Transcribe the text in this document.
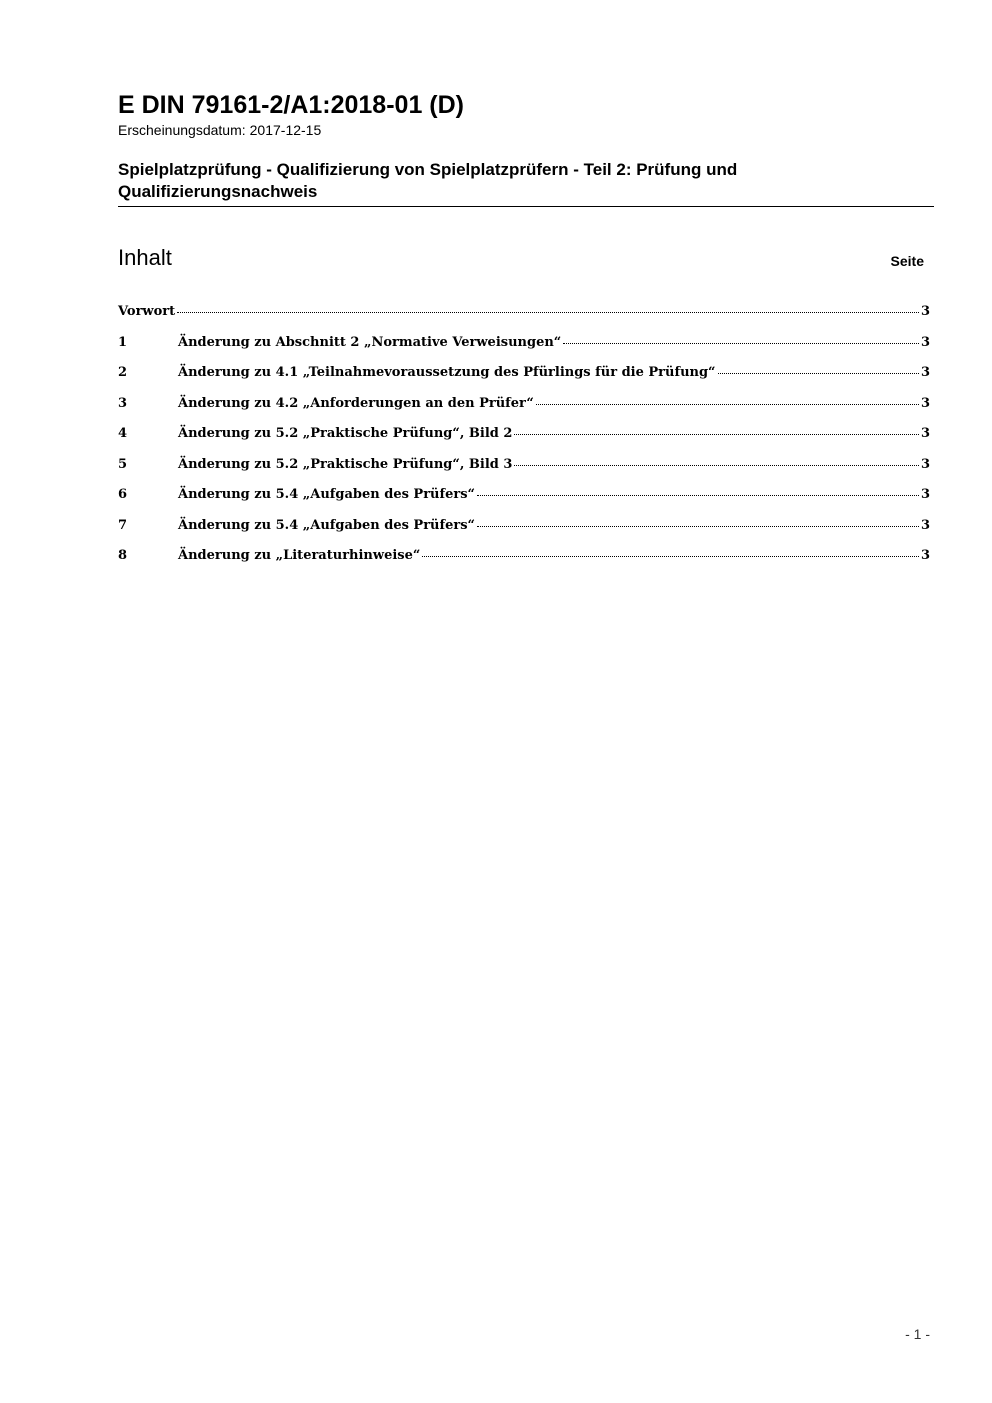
E DIN 79161-2/A1:2018-01 (D)
Erscheinungsdatum: 2017-12-15
Spielplatzprüfung - Qualifizierung von Spielplatzprüfern - Teil 2: Prüfung und Qualifizierungsnachweis
Inhalt	Seite
Vorwort	3
1	Änderung zu Abschnitt 2 „Normative Verweisungen“	3
2	Änderung zu 4.1 „Teilnahmevoraussetzung des Pfürlings für die Prüfung“	3
3	Änderung zu 4.2 „Anforderungen an den Prüfer“	3
4	Änderung zu 5.2 „Praktische Prüfung“, Bild 2	3
5	Änderung zu 5.2 „Praktische Prüfung“, Bild 3	3
6	Änderung zu 5.4 „Aufgaben des Prüfers“	3
7	Änderung zu 5.4 „Aufgaben des Prüfers“	3
8	Änderung zu „Literaturhinweise“	3
- 1 -
